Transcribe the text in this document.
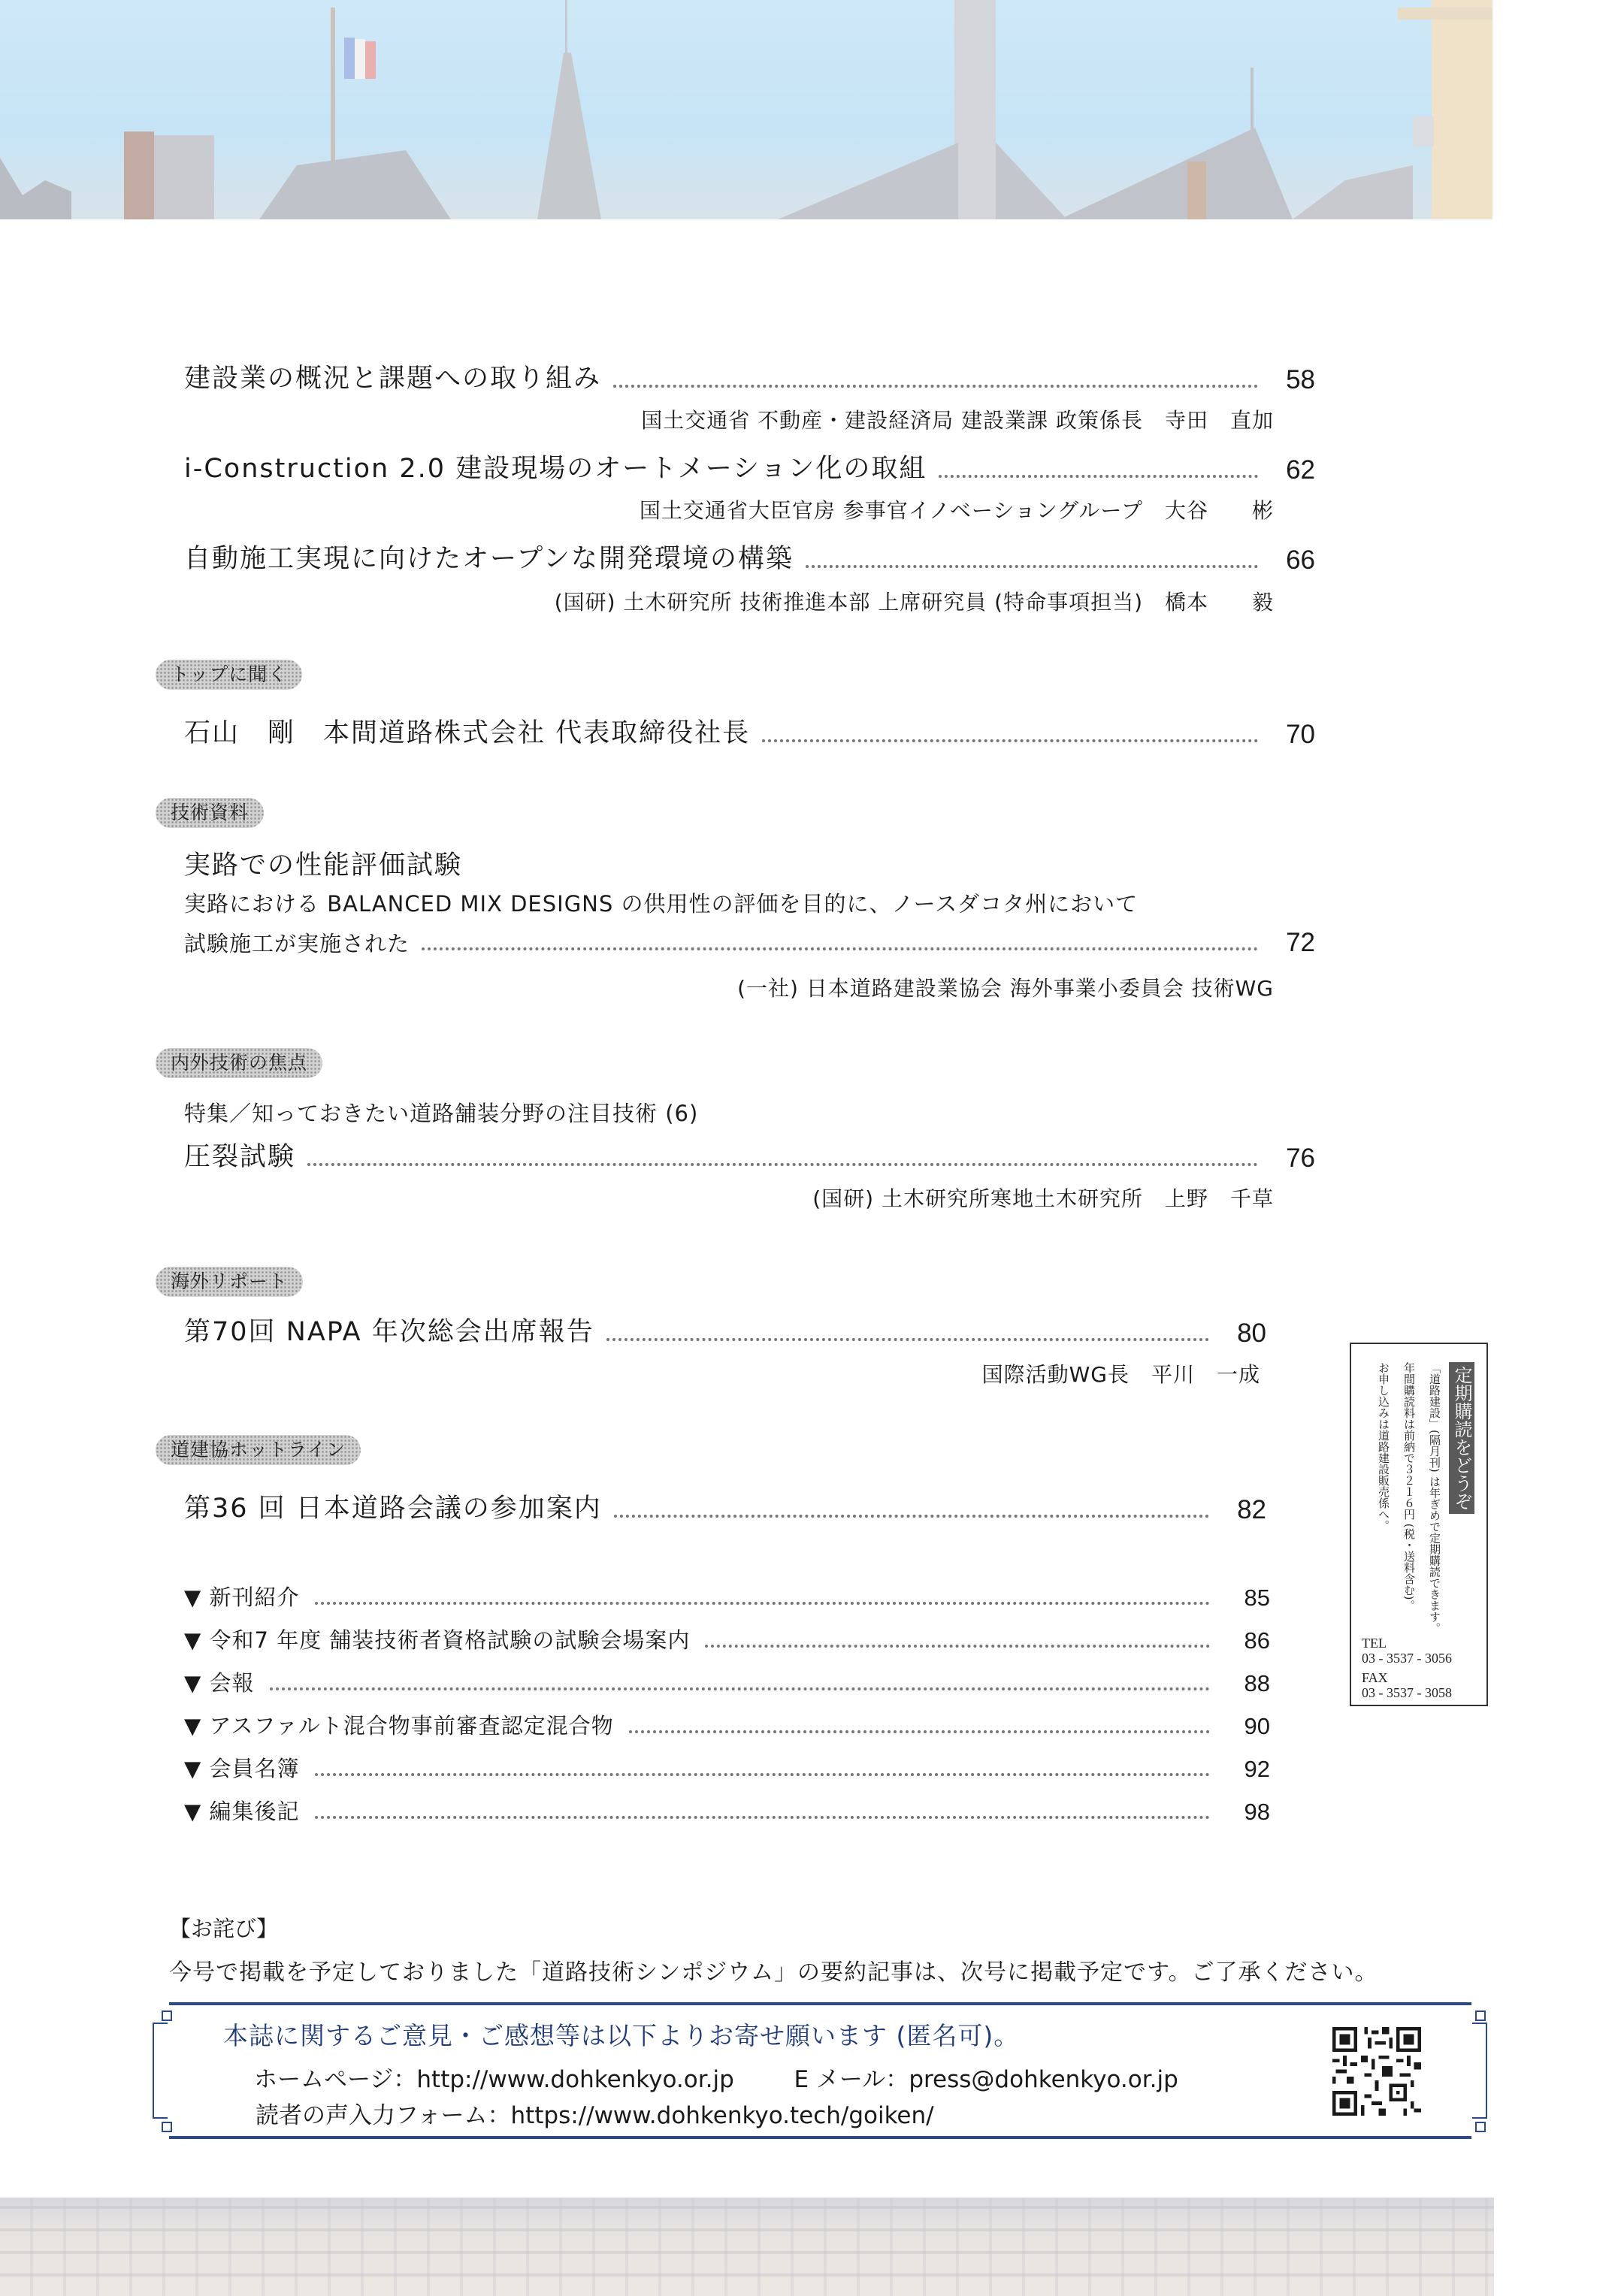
建設業の概況と課題への取り組み	58
国土交通省 不動産・建設経済局 建設業課 政策係長　寺田　直加
i-Construction 2.0 建設現場のオートメーション化の取組	62
国土交通省大臣官房 参事官イノベーショングループ　大谷　　彬
自動施工実現に向けたオープンな開発環境の構築	66
(国研) 土木研究所 技術推進本部 上席研究員 (特命事項担当)　橋本　　毅
トップに聞く
石山　剛　本間道路株式会社 代表取締役社長	70
技術資料
実路での性能評価試験
実路における BALANCED MIX DESIGNS の供用性の評価を目的に、ノースダコタ州において
試験施工が実施された	72
(一社) 日本道路建設業協会 海外事業小委員会 技術WG
内外技術の焦点
特集／知っておきたい道路舗装分野の注目技術 (6)
圧裂試験	76
(国研) 土木研究所寒地土木研究所　上野　千草
海外リポート
第70回 NAPA 年次総会出席報告	80
国際活動WG長　平川　一成
道建協ホットライン
第36 回 日本道路会議の参加案内	82
▼ 新刊紹介	85
▼ 令和7 年度 舗装技術者資格試験の試験会場案内	86
▼ 会報	88
▼ アスファルト混合物事前審査認定混合物	90
▼ 会員名簿	92
▼ 編集後記	98
定期購読をどうぞ
「道路建設」(隔月刊) は年ぎめで定期購読できます。
年間購読料は前納で３２１６円 (税・送料含む)。
お申し込みは道路建設販売係へ。
TEL
03 - 3537 - 3056
FAX
03 - 3537 - 3058
【お詫び】
今号で掲載を予定しておりました「道路技術シンポジウム」の要約記事は、次号に掲載予定です。ご了承ください。
本誌に関するご意見・ご感想等は以下よりお寄せ願います (匿名可)。
ホームページ：http://www.dohkenkyo.or.jp	E メール：press@dohkenkyo.or.jp
読者の声入力フォーム：https://www.dohkenkyo.tech/goiken/
